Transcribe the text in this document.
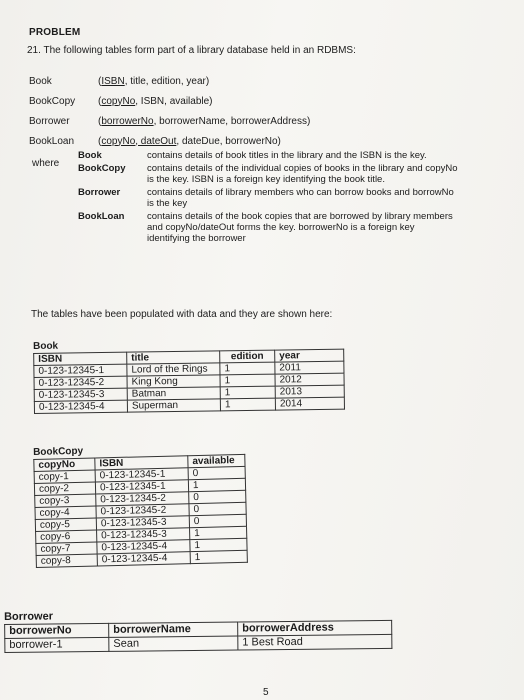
PROBLEM
21. The following tables form part of a library database held in an RDBMS:
Book	(ISBN, title, edition, year)
BookCopy	(copyNo, ISBN, available)
Borrower	(borrowerNo, borrowerName, borrowerAddress)
BookLoan	(copyNo, dateOut, dateDue, borrowerNo)
where
Book	contains details of book titles in the library and the ISBN is the key.
BookCopy	contains details of the individual copies of books in the library and copyNo is the key. ISBN is a foreign key identifying the book title.
Borrower	contains details of library members who can borrow books and borrowNo is the key
BookLoan	contains details of the book copies that are borrowed by library members and copyNo/dateOut forms the key. borrowerNo is a foreign key identifying the borrower
The tables have been populated with data and they are shown here:
Book
ISBN	title	edition	year
0-123-12345-1	Lord of the Rings	1	2011
0-123-12345-2	King Kong	1	2012
0-123-12345-3	Batman	1	2013
0-123-12345-4	Superman	1	2014
BookCopy
copyNo	ISBN	available
copy-1	0-123-12345-1	0
copy-2	0-123-12345-1	1
copy-3	0-123-12345-2	0
copy-4	0-123-12345-2	0
copy-5	0-123-12345-3	0
copy-6	0-123-12345-3	1
copy-7	0-123-12345-4	1
copy-8	0-123-12345-4	1
Borrower
borrowerNo	borrowerName	borrowerAddress
borrower-1	Sean	1 Best Road
5
